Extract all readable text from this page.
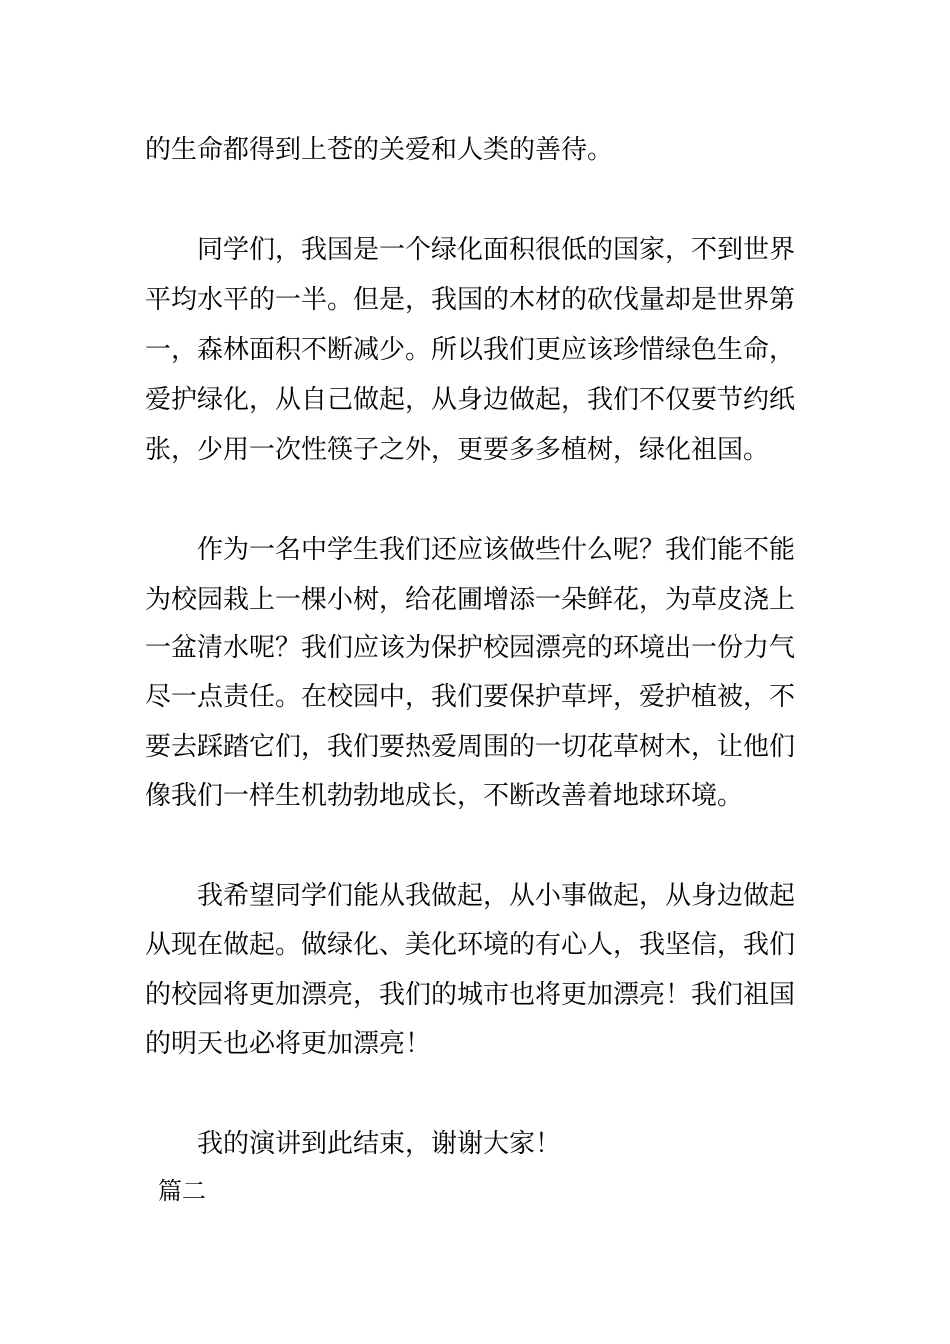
的生命都得到上苍的关爱和人类的善待。
同学们，我国是一个绿化面积很低的国家，不到世界
平均水平的一半。但是，我国的木材的砍伐量却是世界第
一，森林面积不断减少。所以我们更应该珍惜绿色生命，
爱护绿化，从自己做起，从身边做起，我们不仅要节约纸
张，少用一次性筷子之外，更要多多植树，绿化祖国。
作为一名中学生我们还应该做些什么呢？我们能不能
为校园栽上一棵小树，给花圃增添一朵鲜花，为草皮浇上
一盆清水呢？我们应该为保护校园漂亮的环境出一份力气
尽一点责任。在校园中，我们要保护草坪，爱护植被，不
要去踩踏它们，我们要热爱周围的一切花草树木，让他们
像我们一样生机勃勃地成长，不断改善着地球环境。
我希望同学们能从我做起，从小事做起，从身边做起
从现在做起。做绿化、美化环境的有心人，我坚信，我们
的校园将更加漂亮，我们的城市也将更加漂亮！我们祖国
的明天也必将更加漂亮！
我的演讲到此结束，谢谢大家！
篇二
